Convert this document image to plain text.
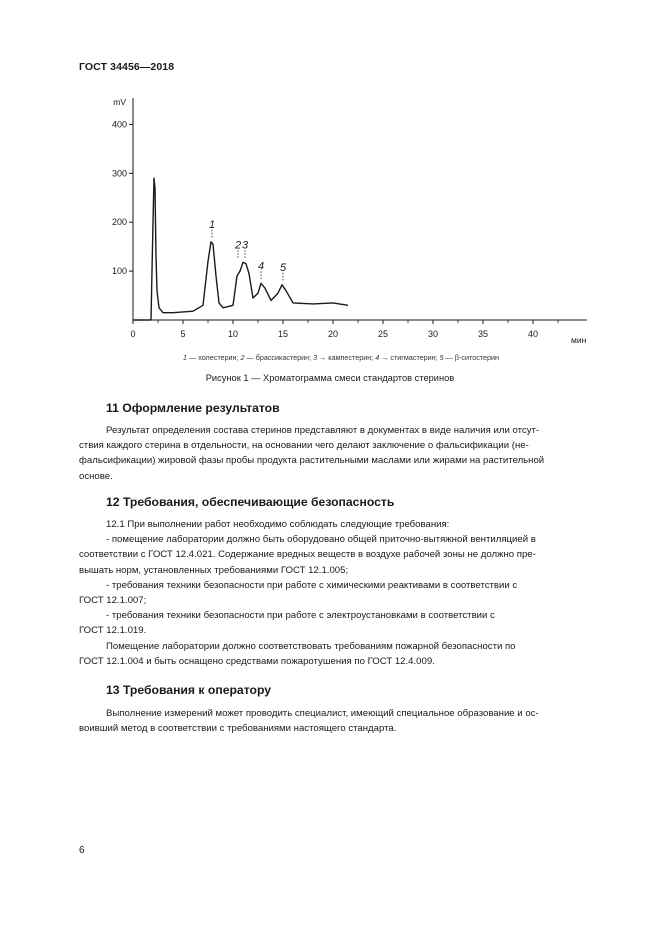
ГОСТ 34456—2018
mV
мин
100
200
300
400
0	5	10	15	20	25	30	35	40
1
2 3
4 5
1 — холестерин; 2 — брассикастерин; 3 → кампестерин; 4 → стигмастерин; 5 — β-ситостерин
Рисунок 1 — Хроматограмма смеси стандартов стеринов
11 Оформление результатов

Результат определения состава стеринов представляют в документах в виде наличия или отсут-

ствия каждого стерина в отдельности, на основании чего делают заключение о фальсификации (не-

фальсификации) жировой фазы пробы продукта растительными маслами или жирами на растительной

основе.

12 Требования, обеспечивающие безопасность

12.1 При выполнении работ необходимо соблюдать следующие требования:

- помещение лаборатории должно быть оборудовано общей приточно-вытяжной вентиляцией в

соответствии с ГОСТ 12.4.021. Содержание вредных веществ в воздухе рабочей зоны не должно пре-

вышать норм, установленных требованиями ГОСТ 12.1.005;

- требования техники безопасности при работе с химическими реактивами в соответствии с

ГОСТ 12.1.007;

- требования техники безопасности при работе с электроустановками в соответствии с

ГОСТ 12.1.019.

Помещение лаборатории должно соответствовать требованиям пожарной безопасности по

ГОСТ 12.1.004 и быть оснащено средствами пожаротушения по ГОСТ 12.4.009.

13 Требования к оператору

Выполнение измерений может проводить специалист, имеющий специальное образование и ос-

воивший метод в соответствии с требованиями настоящего стандарта.

6
